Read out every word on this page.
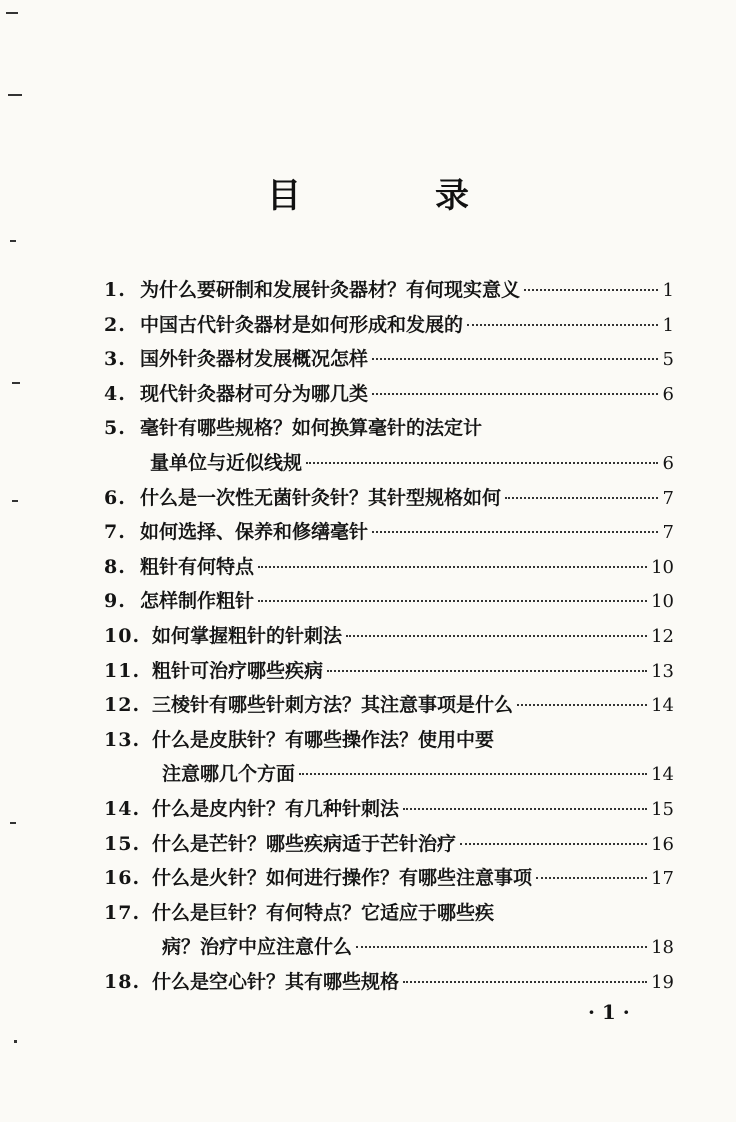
目　录
1. 为什么要研制和发展针灸器材？有何现实意义	1
2. 中国古代针灸器材是如何形成和发展的	1
3. 国外针灸器材发展概况怎样	5
4. 现代针灸器材可分为哪几类	6
5. 毫针有哪些规格？如何换算毫针的法定计
量单位与近似线规	6
6. 什么是一次性无菌针灸针？其针型规格如何	7
7. 如何选择、保养和修缮毫针	7
8. 粗针有何特点	10
9. 怎样制作粗针	10
10. 如何掌握粗针的针刺法	12
11. 粗针可治疗哪些疾病	13
12. 三棱针有哪些针刺方法？其注意事项是什么	14
13. 什么是皮肤针？有哪些操作法？使用中要
注意哪几个方面	14
14. 什么是皮内针？有几种针刺法	15
15. 什么是芒针？哪些疾病适于芒针治疗	16
16. 什么是火针？如何进行操作？有哪些注意事项	17
17. 什么是巨针？有何特点？它适应于哪些疾
病？治疗中应注意什么	18
18. 什么是空心针？其有哪些规格	19
· 1 ·
